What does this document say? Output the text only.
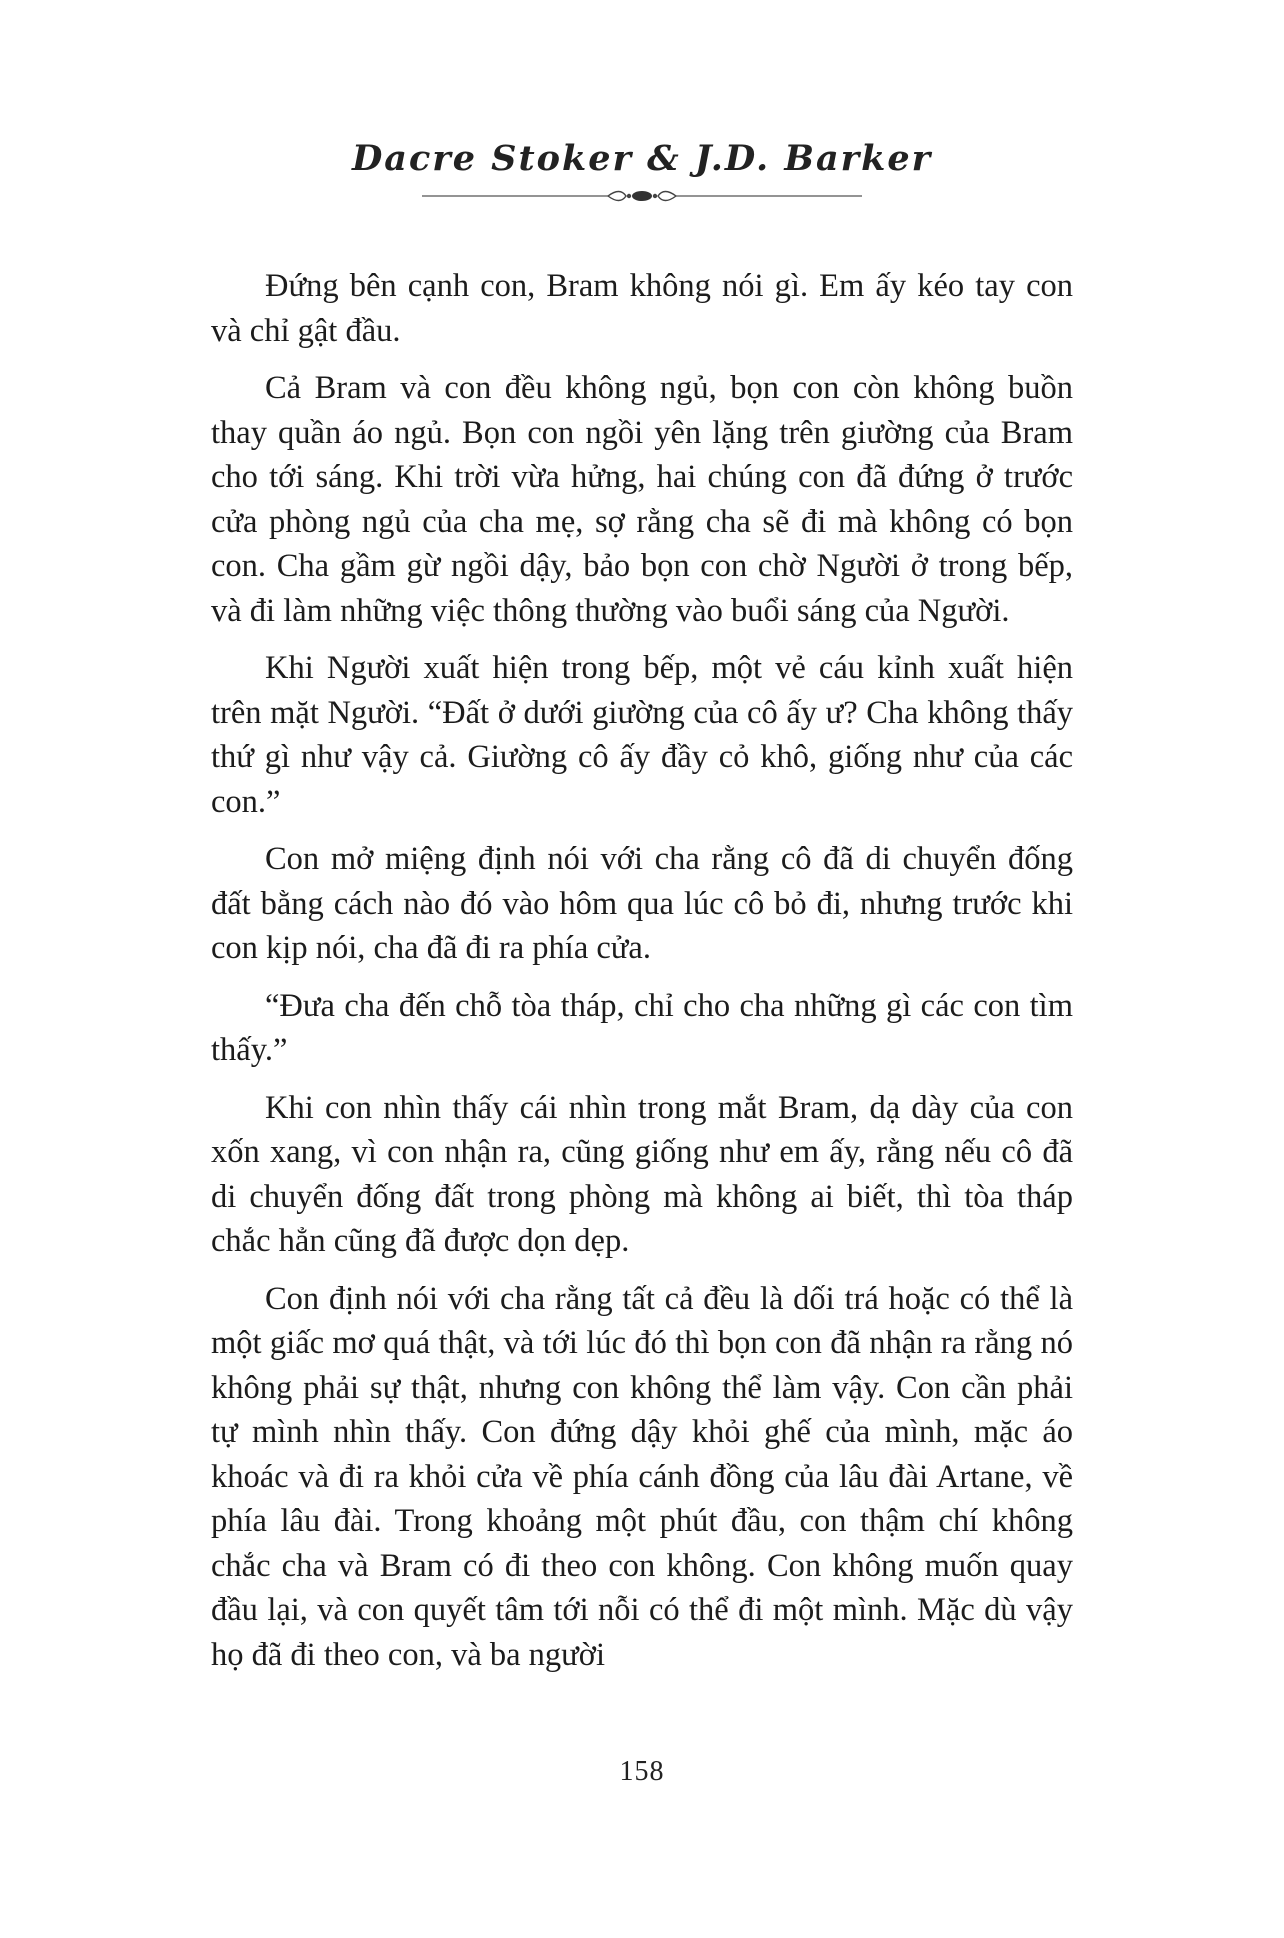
Dacre Stoker & J.D. Barker

Đứng bên cạnh con, Bram không nói gì. Em ấy kéo tay con và chỉ gật đầu.

Cả Bram và con đều không ngủ, bọn con còn không buồn thay quần áo ngủ. Bọn con ngồi yên lặng trên giường của Bram cho tới sáng. Khi trời vừa hửng, hai chúng con đã đứng ở trước cửa phòng ngủ của cha mẹ, sợ rằng cha sẽ đi mà không có bọn con. Cha gầm gừ ngồi dậy, bảo bọn con chờ Người ở trong bếp, và đi làm những việc thông thường vào buổi sáng của Người.

Khi Người xuất hiện trong bếp, một vẻ cáu kỉnh xuất hiện trên mặt Người. “Đất ở dưới giường của cô ấy ư? Cha không thấy thứ gì như vậy cả. Giường cô ấy đầy cỏ khô, giống như của các con.”

Con mở miệng định nói với cha rằng cô đã di chuyển đống đất bằng cách nào đó vào hôm qua lúc cô bỏ đi, nhưng trước khi con kịp nói, cha đã đi ra phía cửa.

“Đưa cha đến chỗ tòa tháp, chỉ cho cha những gì các con tìm thấy.”

Khi con nhìn thấy cái nhìn trong mắt Bram, dạ dày của con xốn xang, vì con nhận ra, cũng giống như em ấy, rằng nếu cô đã di chuyển đống đất trong phòng mà không ai biết, thì tòa tháp chắc hẳn cũng đã được dọn dẹp.

Con định nói với cha rằng tất cả đều là dối trá hoặc có thể là một giấc mơ quá thật, và tới lúc đó thì bọn con đã nhận ra rằng nó không phải sự thật, nhưng con không thể làm vậy. Con cần phải tự mình nhìn thấy. Con đứng dậy khỏi ghế của mình, mặc áo khoác và đi ra khỏi cửa về phía cánh đồng của lâu đài Artane, về phía lâu đài. Trong khoảng một phút đầu, con thậm chí không chắc cha và Bram có đi theo con không. Con không muốn quay đầu lại, và con quyết tâm tới nỗi có thể đi một mình. Mặc dù vậy họ đã đi theo con, và ba người

158
